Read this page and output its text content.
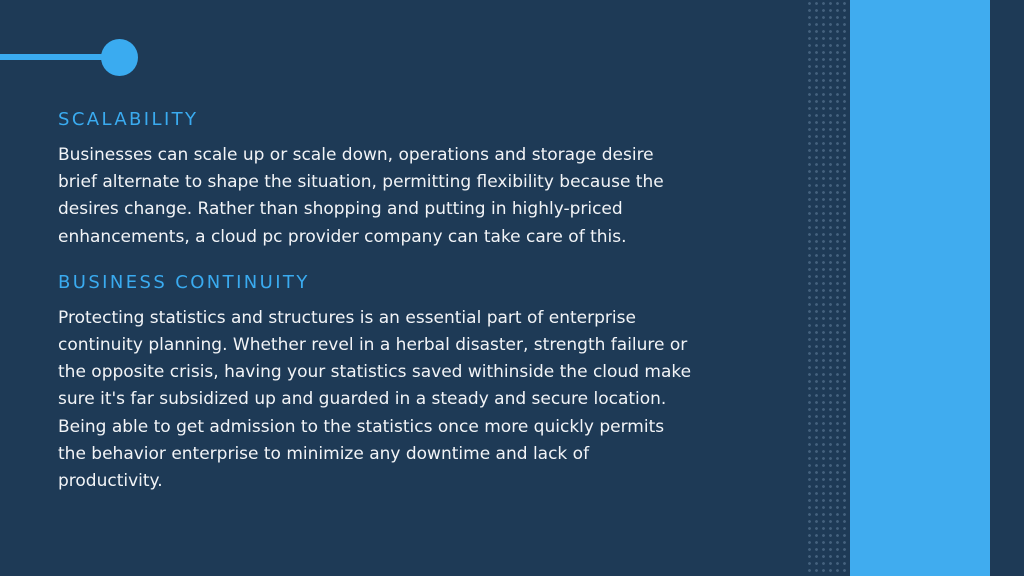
SCALABILITY

Businesses can scale up or scale down, operations and storage desire
brief alternate to shape the situation, permitting flexibility because the
desires change. Rather than shopping and putting in highly-priced
enhancements, a cloud pc provider company can take care of this.

BUSINESS CONTINUITY

Protecting statistics and structures is an essential part of enterprise
continuity planning. Whether revel in a herbal disaster, strength failure or
the opposite crisis, having your statistics saved withinside the cloud make
sure it's far subsidized up and guarded in a steady and secure location.
Being able to get admission to the statistics once more quickly permits
the behavior enterprise to minimize any downtime and lack of
productivity.
